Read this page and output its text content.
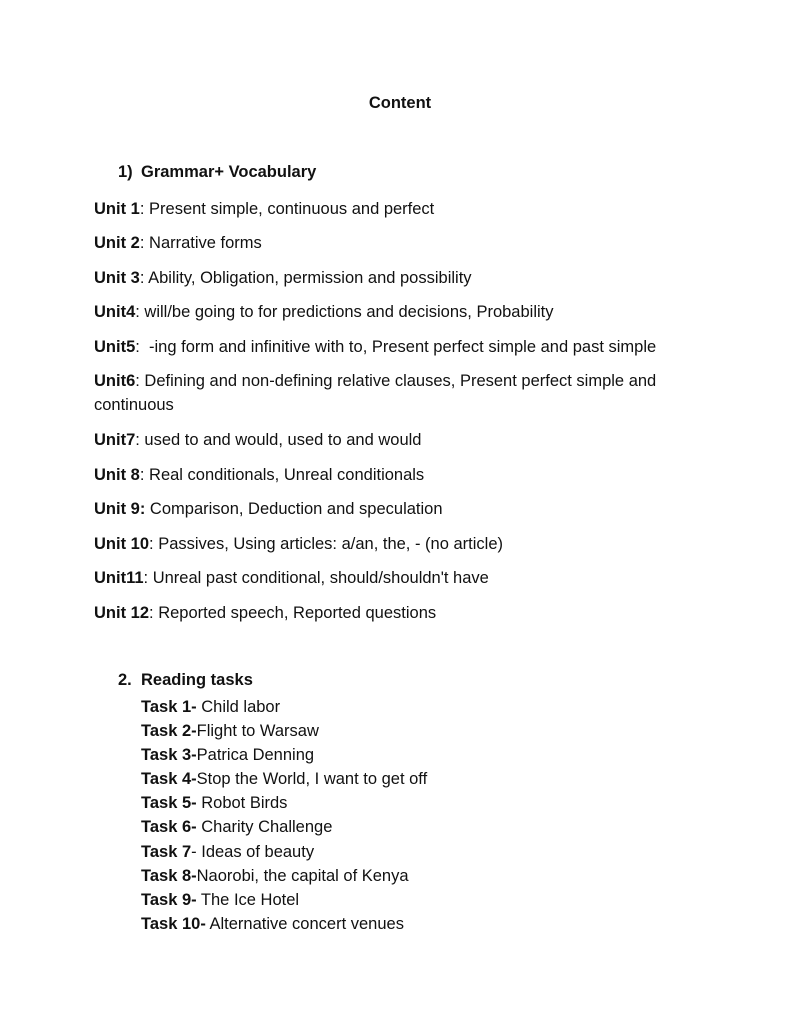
Content
1) Grammar+ Vocabulary
Unit 1: Present simple, continuous and perfect
Unit 2: Narrative forms
Unit 3: Ability, Obligation, permission and possibility
Unit4: will/be going to for predictions and decisions, Probability
Unit5:  -ing form and infinitive with to, Present perfect simple and past simple
Unit6: Defining and non-defining relative clauses, Present perfect simple and continuous
Unit7: used to and would, used to and would
Unit 8: Real conditionals, Unreal conditionals
Unit 9: Comparison, Deduction and speculation
Unit 10: Passives, Using articles: a/an, the, - (no article)
Unit11: Unreal past conditional, should/shouldn't have
Unit 12: Reported speech, Reported questions
2. Reading tasks
Task 1- Child labor
Task 2-Flight to Warsaw
Task 3-Patrica Denning
Task 4-Stop the World, I want to get off
Task 5- Robot Birds
Task 6- Charity Challenge
Task 7- Ideas of beauty
Task 8-Naorobi, the capital of Kenya
Task 9- The Ice Hotel
Task 10- Alternative concert venues
